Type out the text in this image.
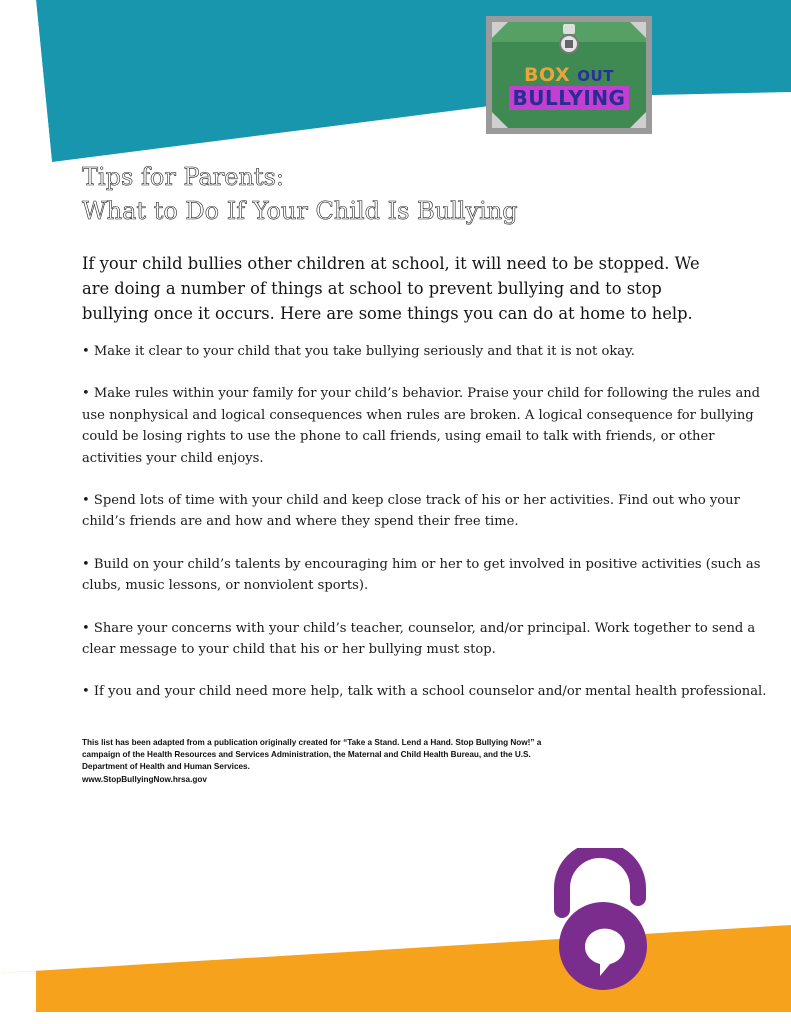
BOX OUT
BULLYING
Tips for Parents:
What to Do If Your Child Is Bullying

If your child bullies other children at school, it will need to be stopped. We are doing a number of things at school to prevent bullying and to stop bullying once it occurs. Here are some things you can do at home to help.

• Make it clear to your child that you take bullying seriously and that it is not okay.
• Make rules within your family for your child’s behavior. Praise your child for following the rules and use nonphysical and logical consequences when rules are broken. A logical consequence for bullying could be losing rights to use the phone to call friends, using email to talk with friends, or other activities your child enjoys.
• Spend lots of time with your child and keep close track of his or her activities. Find out who your child’s friends are and how and where they spend their free time.
• Build on your child’s talents by encouraging him or her to get involved in positive activities (such as clubs, music lessons, or nonviolent sports).
• Share your concerns with your child’s teacher, counselor, and/or principal. Work together to send a clear message to your child that his or her bullying must stop.
• If you and your child need more help, talk with a school counselor and/or mental health professional.

This list has been adapted from a publication originally created for “Take a Stand. Lend a Hand. Stop Bullying Now!” a campaign of the Health Resources and Services Administration, the Maternal and Child Health Bureau, and the U.S. Department of Health and Human Services.
www.StopBullyingNow.hrsa.gov
